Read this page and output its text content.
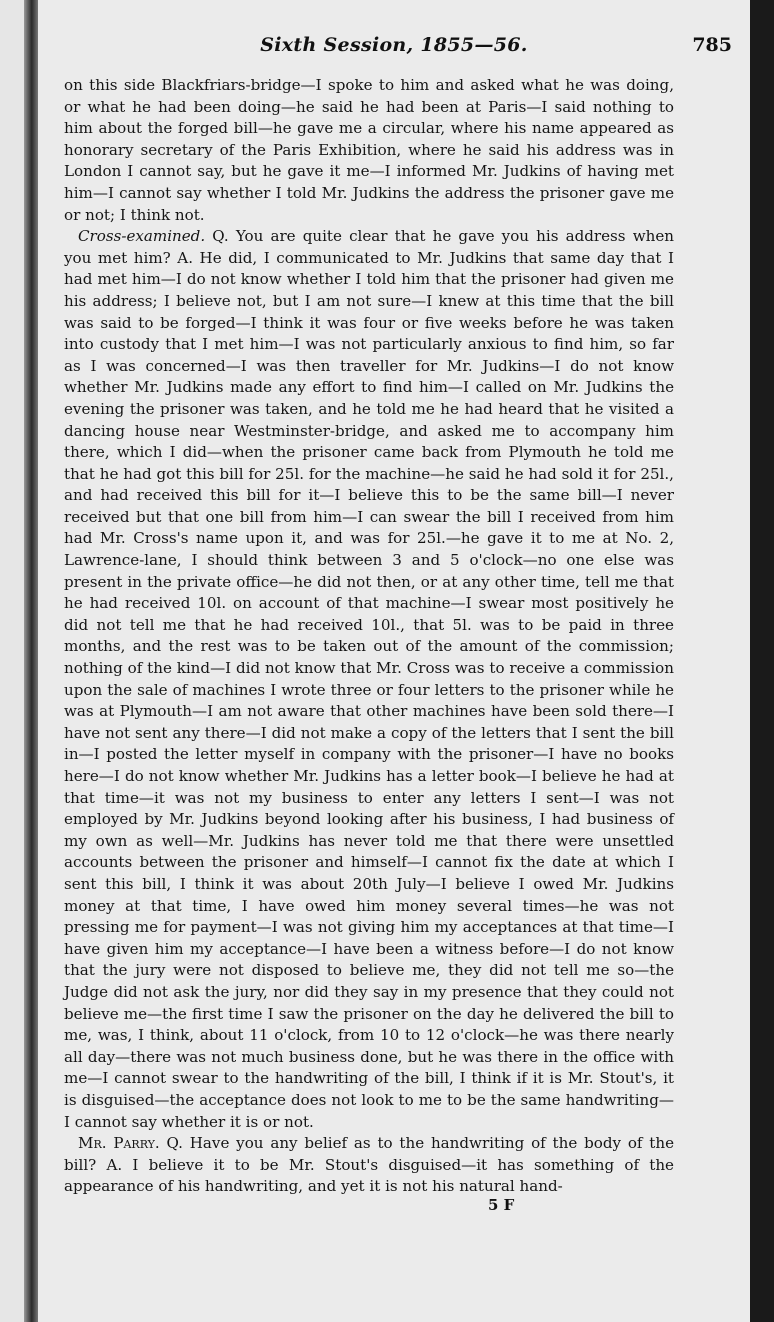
Sixth Session, 1855—56.	785

on this side Blackfriars-bridge—I spoke to him and asked what he was doing, or what he had been doing—he said he had been at Paris—I said nothing to him about the forged bill—he gave me a circular, where his name appeared as honorary secretary of the Paris Exhibition, where he said his address was in London I cannot say, but he gave it me—I informed Mr. Judkins of having met him—I cannot say whether I told Mr. Judkins the address the prisoner gave me or not; I think not.

Cross-examined. Q. You are quite clear that he gave you his address when you met him? A. He did, I communicated to Mr. Judkins that same day that I had met him—I do not know whether I told him that the prisoner had given me his address; I believe not, but I am not sure—I knew at this time that the bill was said to be forged—I think it was four or five weeks before he was taken into custody that I met him—I was not particularly anxious to find him, so far as I was concerned—I was then traveller for Mr. Judkins—I do not know whether Mr. Judkins made any effort to find him—I called on Mr. Judkins the evening the prisoner was taken, and he told me he had heard that he visited a dancing house near Westminster-bridge, and asked me to accompany him there, which I did—when the prisoner came back from Plymouth he told me that he had got this bill for 25l. for the machine—he said he had sold it for 25l., and had received this bill for it—I believe this to be the same bill—I never received but that one bill from him—I can swear the bill I received from him had Mr. Cross's name upon it, and was for 25l.—he gave it to me at No. 2, Lawrence-lane, I should think between 3 and 5 o'clock—no one else was present in the private office—he did not then, or at any other time, tell me that he had received 10l. on account of that machine—I swear most positively he did not tell me that he had received 10l., that 5l. was to be paid in three months, and the rest was to be taken out of the amount of the commission; nothing of the kind—I did not know that Mr. Cross was to receive a commission upon the sale of machines I wrote three or four letters to the prisoner while he was at Plymouth—I am not aware that other machines have been sold there—I have not sent any there—I did not make a copy of the letters that I sent the bill in—I posted the letter myself in company with the prisoner—I have no books here—I do not know whether Mr. Judkins has a letter book—I believe he had at that time—it was not my business to enter any letters I sent—I was not employed by Mr. Judkins beyond looking after his business, I had business of my own as well—Mr. Judkins has never told me that there were unsettled accounts between the prisoner and himself—I cannot fix the date at which I sent this bill, I think it was about 20th July—I believe I owed Mr. Judkins money at that time, I have owed him money several times—he was not pressing me for payment—I was not giving him my acceptances at that time—I have given him my acceptance—I have been a witness before—I do not know that the jury were not disposed to believe me, they did not tell me so—the Judge did not ask the jury, nor did they say in my presence that they could not believe me—the first time I saw the prisoner on the day he delivered the bill to me, was, I think, about 11 o'clock, from 10 to 12 o'clock—he was there nearly all day—there was not much business done, but he was there in the office with me—I cannot swear to the handwriting of the bill, I think if it is Mr. Stout's, it is disguised—the acceptance does not look to me to be the same handwriting—I cannot say whether it is or not.

Mr. Parry. Q. Have you any belief as to the handwriting of the body of the bill? A. I believe it to be Mr. Stout's disguised—it has something of the appearance of his handwriting, and yet it is not his natural hand-

5 F
